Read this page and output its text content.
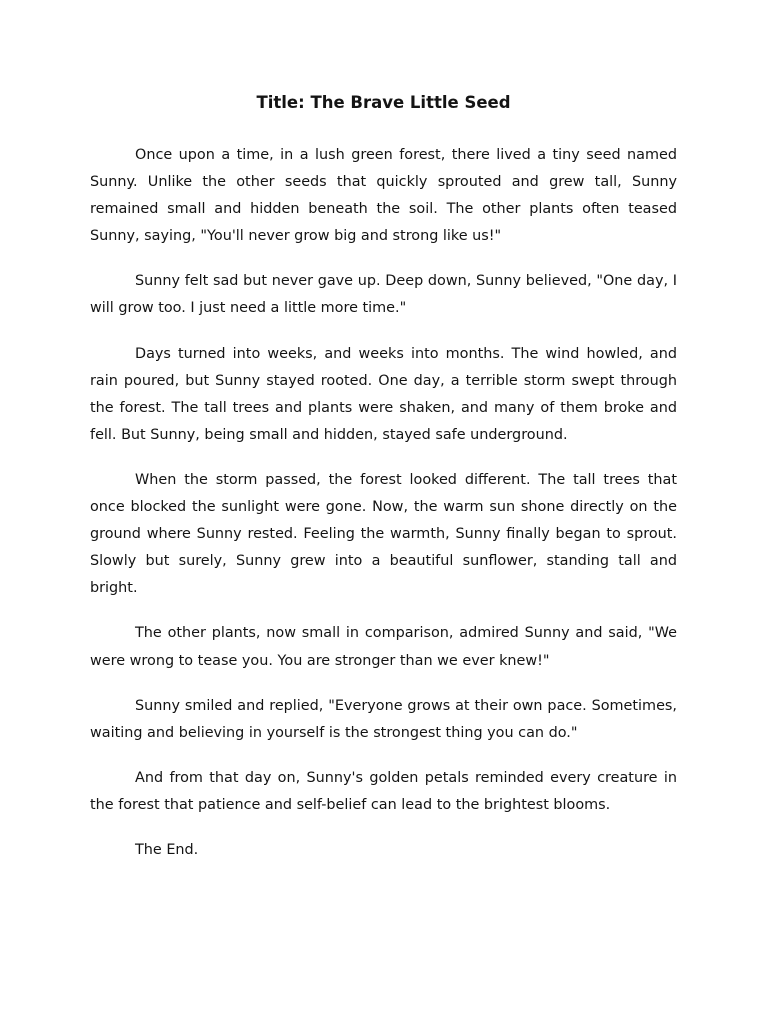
Title: The Brave Little Seed

Once upon a time, in a lush green forest, there lived a tiny seed named Sunny. Unlike the other seeds that quickly sprouted and grew tall, Sunny remained small and hidden beneath the soil. The other plants often teased Sunny, saying, "You'll never grow big and strong like us!"

Sunny felt sad but never gave up. Deep down, Sunny believed, "One day, I will grow too. I just need a little more time."

Days turned into weeks, and weeks into months. The wind howled, and rain poured, but Sunny stayed rooted. One day, a terrible storm swept through the forest. The tall trees and plants were shaken, and many of them broke and fell. But Sunny, being small and hidden, stayed safe underground.

When the storm passed, the forest looked different. The tall trees that once blocked the sunlight were gone. Now, the warm sun shone directly on the ground where Sunny rested. Feeling the warmth, Sunny finally began to sprout. Slowly but surely, Sunny grew into a beautiful sunflower, standing tall and bright.

The other plants, now small in comparison, admired Sunny and said, "We were wrong to tease you. You are stronger than we ever knew!"

Sunny smiled and replied, "Everyone grows at their own pace. Sometimes, waiting and believing in yourself is the strongest thing you can do."

And from that day on, Sunny's golden petals reminded every creature in the forest that patience and self-belief can lead to the brightest blooms.

The End.
